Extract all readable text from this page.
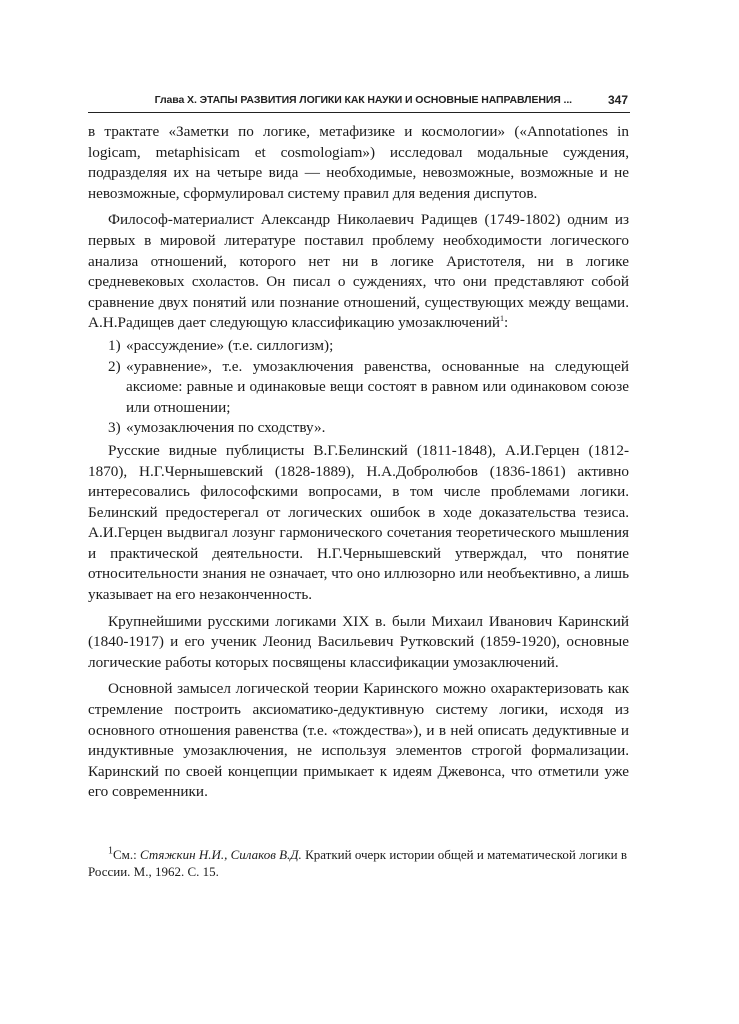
Глава X. ЭТАПЫ РАЗВИТИЯ ЛОГИКИ КАК НАУКИ И ОСНОВНЫЕ НАПРАВЛЕНИЯ ...	347

в трактате «Заметки по логике, метафизике и космологии» («Annotationes in logicam, metaphisicam et cosmologiam») исследовал модальные суждения, подразделяя их на четыре вида — необходимые, невозможные, возможные и не невозможные, сформулировал систему правил для ведения диспутов.

Философ-материалист Александр Николаевич Радищев (1749-1802) одним из первых в мировой литературе поставил проблему необходимости логического анализа отношений, которого нет ни в логике Аристотеля, ни в логике средневековых схоластов. Он писал о суждениях, что они представляют собой сравнение двух понятий или познание отношений, существующих между вещами. А.Н.Радищев дает следующую классификацию умозаключений$^1$:

1) «рассуждение» (т.е. силлогизм);
2) «уравнение», т.е. умозаключения равенства, основанные на следующей аксиоме: равные и одинаковые вещи состоят в равном или одинаковом союзе или отношении;
3) «умозаключения по сходству».

Русские видные публицисты В.Г.Белинский (1811-1848), А.И.Герцен (1812-1870), Н.Г.Чернышевский (1828-1889), Н.А.Добролюбов (1836-1861) активно интересовались философскими вопросами, в том числе проблемами логики. Белинский предостерегал от логических ошибок в ходе доказательства тезиса. А.И.Герцен выдвигал лозунг гармонического сочетания теоретического мышления и практической деятельности. Н.Г.Чернышевский утверждал, что понятие относительности знания не означает, что оно иллюзорно или необъективно, а лишь указывает на его незаконченность.

Крупнейшими русскими логиками XIX в. были Михаил Иванович Каринский (1840-1917) и его ученик Леонид Васильевич Рутковский (1859-1920), основные логические работы которых посвящены классификации умозаключений.

Основной замысел логической теории Каринского можно охарактеризовать как стремление построить аксиоматико-дедуктивную систему логики, исходя из основного отношения равенства (т.е. «тождества»), и в ней описать дедуктивные и индуктивные умозаключения, не используя элементов строгой формализации. Каринский по своей концепции примыкает к идеям Джевонса, что отметили уже его современники.

$^1$См.: Стяжкин Н.И., Силаков В.Д. Краткий очерк истории общей и математической логики в России. М., 1962. С. 15.
